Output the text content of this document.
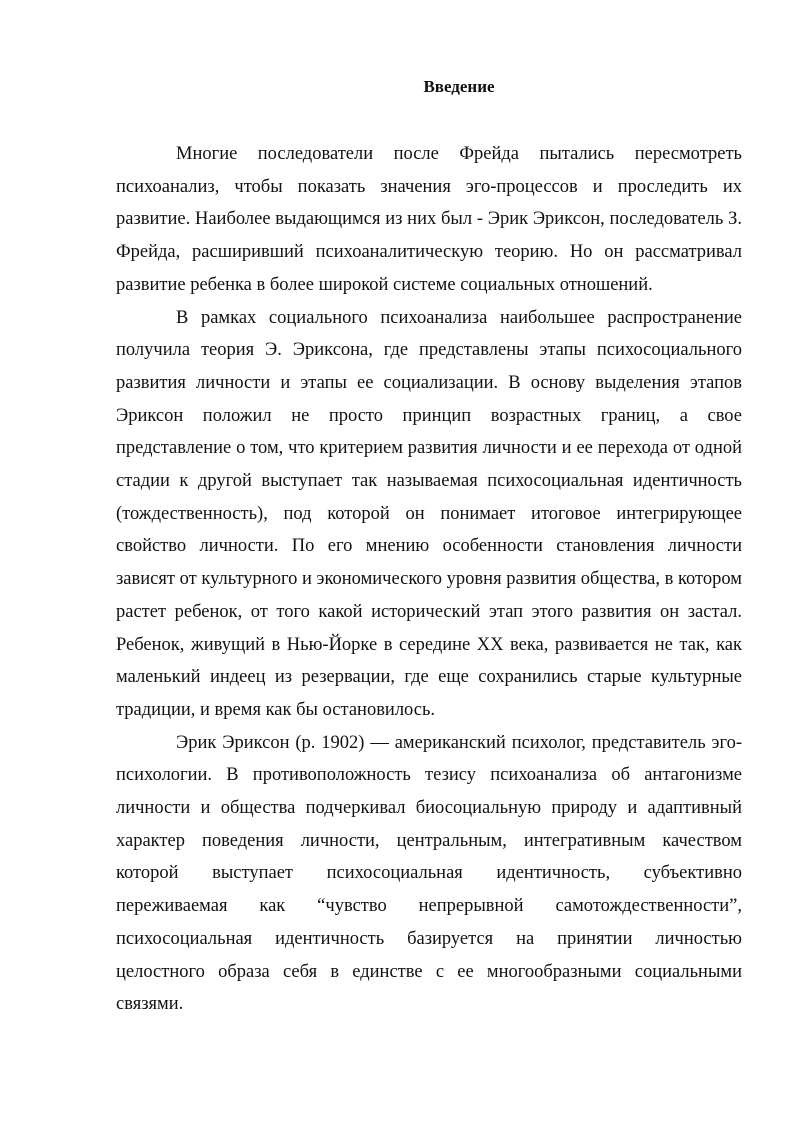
Введение

Многие последователи после Фрейда пытались пересмотреть психоанализ, чтобы показать значения эго-процессов и проследить их развитие. Наиболее выдающимся из них был - Эрик Эриксон, последователь З. Фрейда, расширивший психоаналитическую теорию. Но он рассматривал развитие ребенка в более широкой системе социальных отношений.

В рамках социального психоанализа наибольшее распространение получила теория Э. Эриксона, где представлены этапы психосоциального развития личности и этапы ее социализации. В основу выделения этапов Эриксон положил не просто принцип возрастных границ, а свое представление о том, что критерием развития личности и ее перехода от одной стадии к другой выступает так называемая психосоциальная идентичность (тождественность), под которой он понимает итоговое интегрирующее свойство личности. По его мнению особенности становления личности зависят от культурного и экономического уровня развития общества, в котором растет ребенок, от того какой исторический этап этого развития он застал. Ребенок, живущий в Нью-Йорке в середине XX века, развивается не так, как маленький индеец из резервации, где еще сохранились старые культурные традиции, и время как бы остановилось.

Эрик Эриксон (р. 1902) — американский психолог, представитель эго-психологии. В противоположность тезису психоанализа об антагонизме личности и общества подчеркивал биосоциальную природу и адаптивный характер поведения личности, центральным, интегративным качеством которой выступает психосоциальная идентичность, субъективно переживаемая как “чувство непрерывной самотождественности”, психосоциальная идентичность базируется на принятии личностью целостного образа себя в единстве с ее многообразными социальными связями.
